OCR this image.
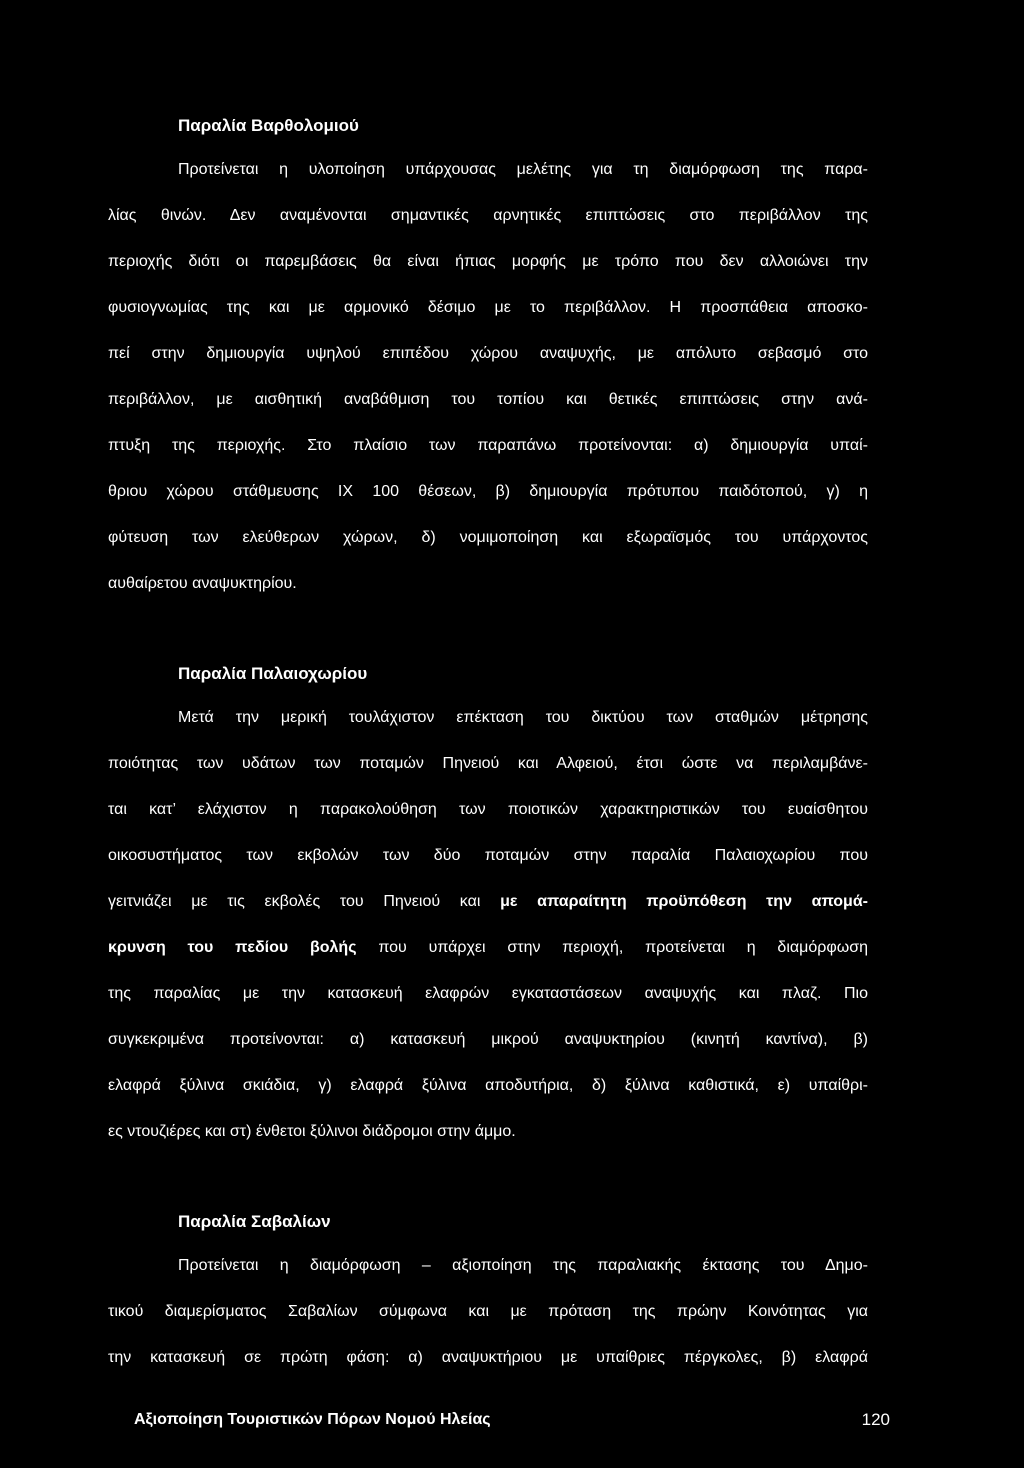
Παραλία Βαρθολομιού
Προτείνεται η υλοποίηση υπάρχουσας μελέτης για τη διαμόρφωση της παρα-
λίας θινών. Δεν αναμένονται σημαντικές αρνητικές επιπτώσεις στο περιβάλλον της
περιοχής διότι οι παρεμβάσεις θα είναι ήπιας μορφής με τρόπο που δεν αλλοιώνει την
φυσιογνωμίας της και με αρμονικό δέσιμο με το περιβάλλον. Η προσπάθεια αποσκο-
πεί στην δημιουργία υψηλού επιπέδου χώρου αναψυχής, με απόλυτο σεβασμό στο
περιβάλλον, με αισθητική αναβάθμιση του τοπίου και θετικές επιπτώσεις στην ανά-
πτυξη της περιοχής. Στο πλαίσιο των παραπάνω προτείνονται: α) δημιουργία υπαί-
θριου χώρου στάθμευσης ΙΧ 100 θέσεων, β) δημιουργία πρότυπου παιδότοπού, γ) η
φύτευση των ελεύθερων χώρων, δ) νομιμοποίηση και εξωραϊσμός του υπάρχοντος
αυθαίρετου αναψυκτηρίου.
Παραλία Παλαιοχωρίου
Μετά την μερική τουλάχιστον επέκταση του δικτύου των σταθμών μέτρησης
ποιότητας των υδάτων των ποταμών Πηνειού και Αλφειού, έτσι ώστε να περιλαμβάνε-
ται κατ’ ελάχιστον η παρακολούθηση των ποιοτικών χαρακτηριστικών του ευαίσθητου
οικοσυστήματος των εκβολών των δύο ποταμών στην παραλία Παλαιοχωρίου που
γειτνιάζει με τις εκβολές του Πηνειού και με απαραίτητη προϋπόθεση την απομά-
κρυνση του πεδίου βολής που υπάρχει στην περιοχή, προτείνεται η διαμόρφωση
της παραλίας με την κατασκευή ελαφρών εγκαταστάσεων αναψυχής και πλαζ. Πιο
συγκεκριμένα προτείνονται: α) κατασκευή μικρού αναψυκτηρίου (κινητή καντίνα), β)
ελαφρά ξύλινα σκιάδια, γ) ελαφρά ξύλινα αποδυτήρια, δ) ξύλινα καθιστικά, ε) υπαίθρι-
ες ντουζιέρες και στ) ένθετοι ξύλινοι διάδρομοι στην άμμο.
Παραλία Σαβαλίων
Προτείνεται η διαμόρφωση – αξιοποίηση της παραλιακής έκτασης του Δημο-
τικού διαμερίσματος Σαβαλίων σύμφωνα και με πρόταση της πρώην Κοινότητας για
την κατασκευή σε πρώτη φάση: α) αναψυκτήριου με υπαίθριες πέργκολες, β) ελαφρά
Αξιοποίηση Τουριστικών Πόρων Νομού Ηλείας	120
